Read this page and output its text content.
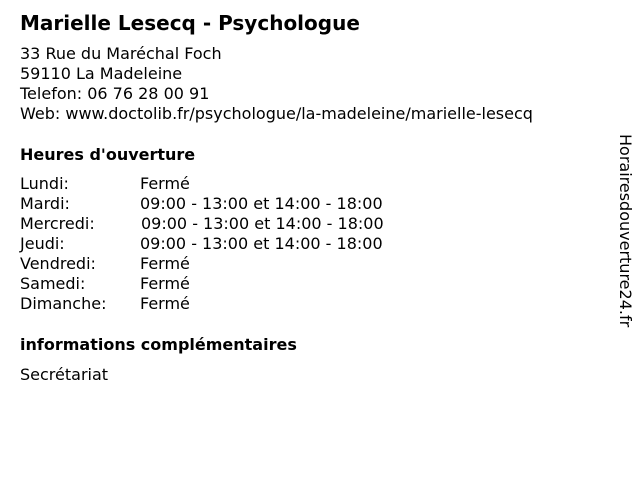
Marielle Lesecq - Psychologue
33 Rue du Maréchal Foch
59110 La Madeleine
Telefon: 06 76 28 00 91
Web: www.doctolib.fr/psychologue/la-madeleine/marielle-lesecq
Heures d'ouverture
Lundi:	Fermé
Mardi:	09:00 - 13:00 et 14:00 - 18:00
Mercredi:	09:00 - 13:00 et 14:00 - 18:00
Jeudi:	09:00 - 13:00 et 14:00 - 18:00
Vendredi:	Fermé
Samedi:	Fermé
Dimanche: Fermé
informations complémentaires
Secrétariat
Horairesdouverture24.fr
